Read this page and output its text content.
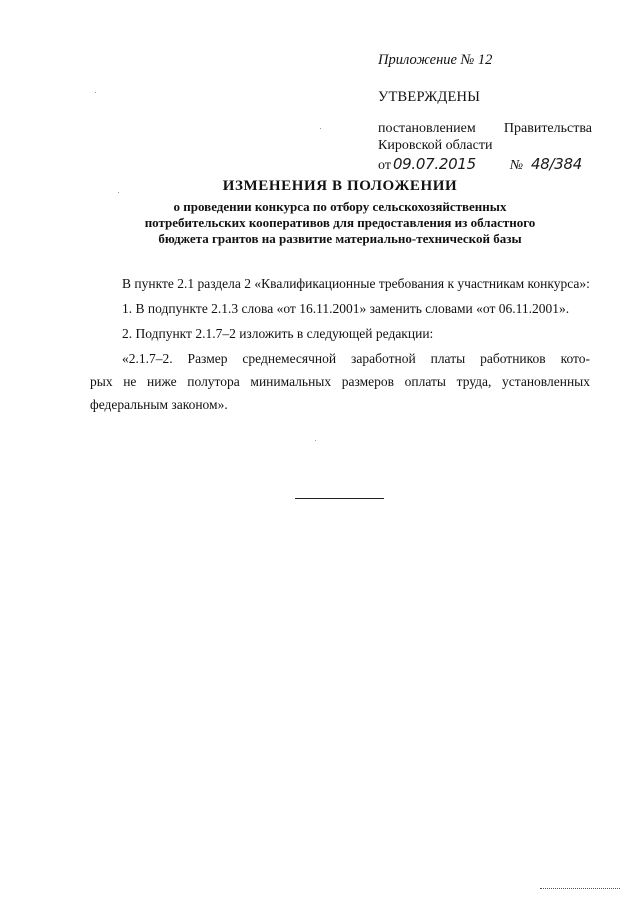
Приложение № 12

УТВЕРЖДЕНЫ

постановлением Правительства

Кировской области

от 09.07.2015 № 48/384

ИЗМЕНЕНИЯ В ПОЛОЖЕНИИ

о проведении конкурса по отбору сельскохозяйственных

потребительских кооперативов для предоставления из областного

бюджета грантов на развитие материально-технической базы

В пункте 2.1 раздела 2 «Квалификационные требования к участникам конкурса»:

1. В подпункте 2.1.3 слова «от 16.11.2001» заменить словами «от 06.11.2001».

2. Подпункт 2.1.7–2 изложить в следующей редакции:

«2.1.7–2. Размер среднемесячной заработной платы работников кото-

рых не ниже полутора минимальных размеров оплаты труда, установленных федеральным законом».
